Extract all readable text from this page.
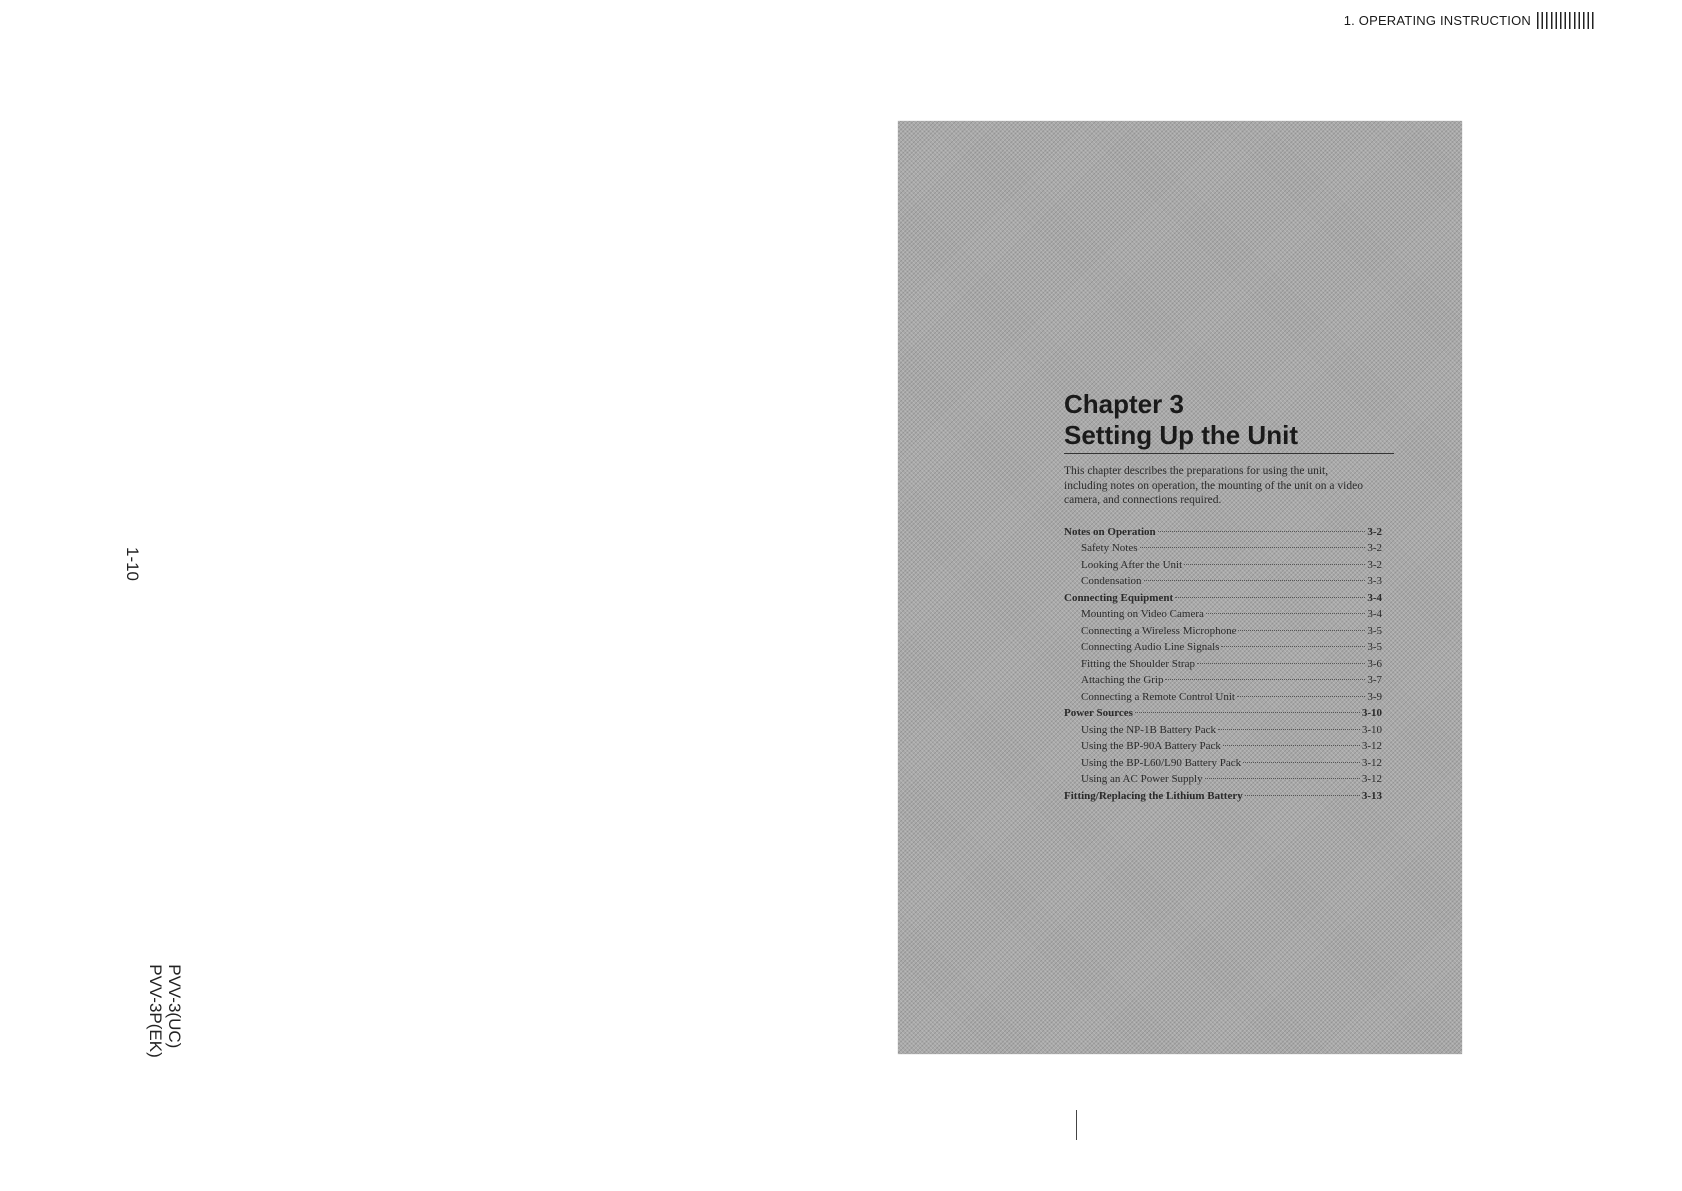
1. OPERATING INSTRUCTION
1-10
PVV-3(UC)
PVV-3P(EK)
Chapter 3
Setting Up the Unit

This chapter describes the preparations for using the unit, including notes on operation, the mounting of the unit on a video camera, and connections required.

Notes on Operation	3-2
Safety Notes	3-2
Looking After the Unit	3-2
Condensation	3-3
Connecting Equipment	3-4
Mounting on Video Camera	3-4
Connecting a Wireless Microphone	3-5
Connecting Audio Line Signals	3-5
Fitting the Shoulder Strap	3-6
Attaching the Grip	3-7
Connecting a Remote Control Unit	3-9
Power Sources	3-10
Using the NP-1B Battery Pack	3-10
Using the BP-90A Battery Pack	3-12
Using the BP-L60/L90 Battery Pack	3-12
Using an AC Power Supply	3-12
Fitting/Replacing the Lithium Battery	3-13
